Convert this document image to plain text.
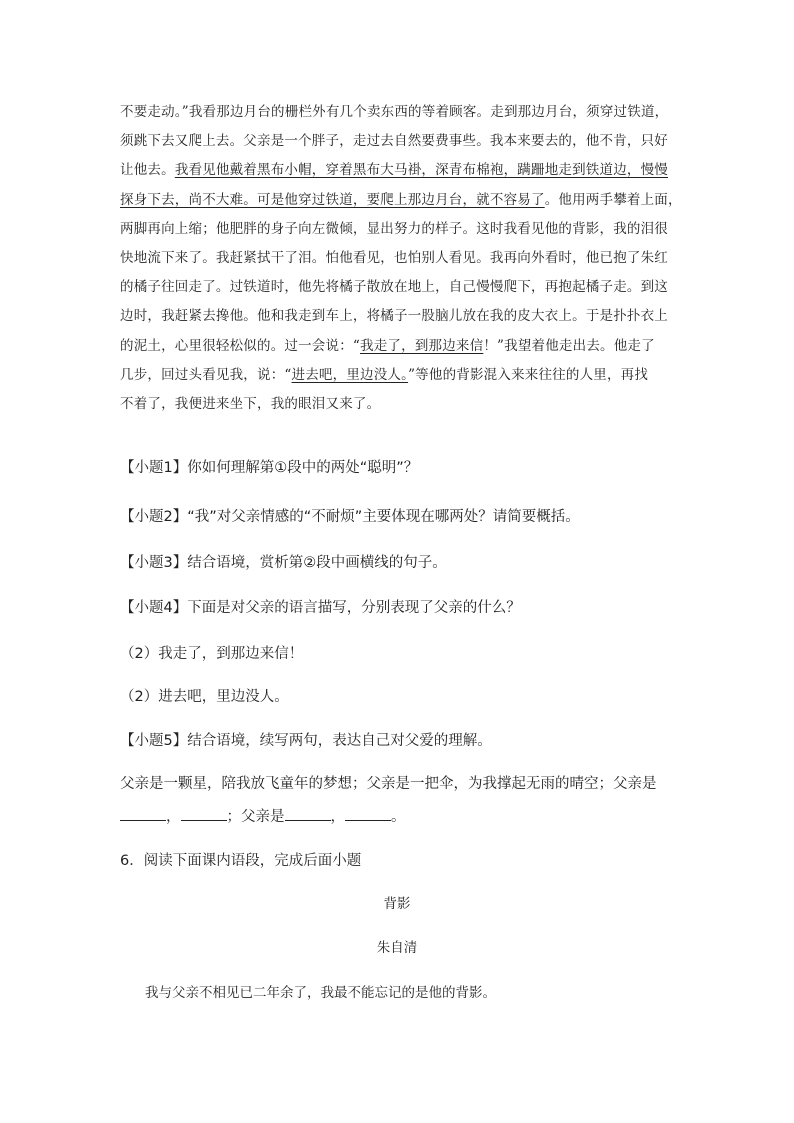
不要走动。”我看那边月台的栅栏外有几个卖东西的等着顾客。走到那边月台，须穿过铁道，
须跳下去又爬上去。父亲是一个胖子，走过去自然要费事些。我本来要去的，他不肯，只好
让他去。我看见他戴着黑布小帽，穿着黑布大马褂，深青布棉袍，蹒跚地走到铁道边，慢慢
探身下去，尚不大难。可是他穿过铁道，要爬上那边月台，就不容易了。他用两手攀着上面，
两脚再向上缩；他肥胖的身子向左微倾，显出努力的样子。这时我看见他的背影，我的泪很
快地流下来了。我赶紧拭干了泪。怕他看见，也怕别人看见。我再向外看时，他已抱了朱红
的橘子往回走了。过铁道时，他先将橘子散放在地上，自己慢慢爬下，再抱起橘子走。到这
边时，我赶紧去搀他。他和我走到车上，将橘子一股脑儿放在我的皮大衣上。于是扑扑衣上
的泥土，心里很轻松似的。过一会说：“我走了，到那边来信！”我望着他走出去。他走了
几步，回过头看见我，说：“进去吧，里边没人。”等他的背影混入来来往往的人里，再找
不着了，我便进来坐下，我的眼泪又来了。
【小题1】你如何理解第①段中的两处“聪明”？
【小题2】“我”对父亲情感的“不耐烦”主要体现在哪两处？请简要概括。
【小题3】结合语境，赏析第②段中画横线的句子。
【小题4】下面是对父亲的语言描写，分别表现了父亲的什么？
（2）我走了，到那边来信！
（2）进去吧，里边没人。
【小题5】结合语境，续写两句，表达自己对父爱的理解。
父亲是一颗星，陪我放飞童年的梦想；父亲是一把伞，为我撑起无雨的晴空；父亲是
，	；父亲是	，	。
6．阅读下面课内语段，完成后面小题
背影
朱自清
我与父亲不相见已二年余了，我最不能忘记的是他的背影。
